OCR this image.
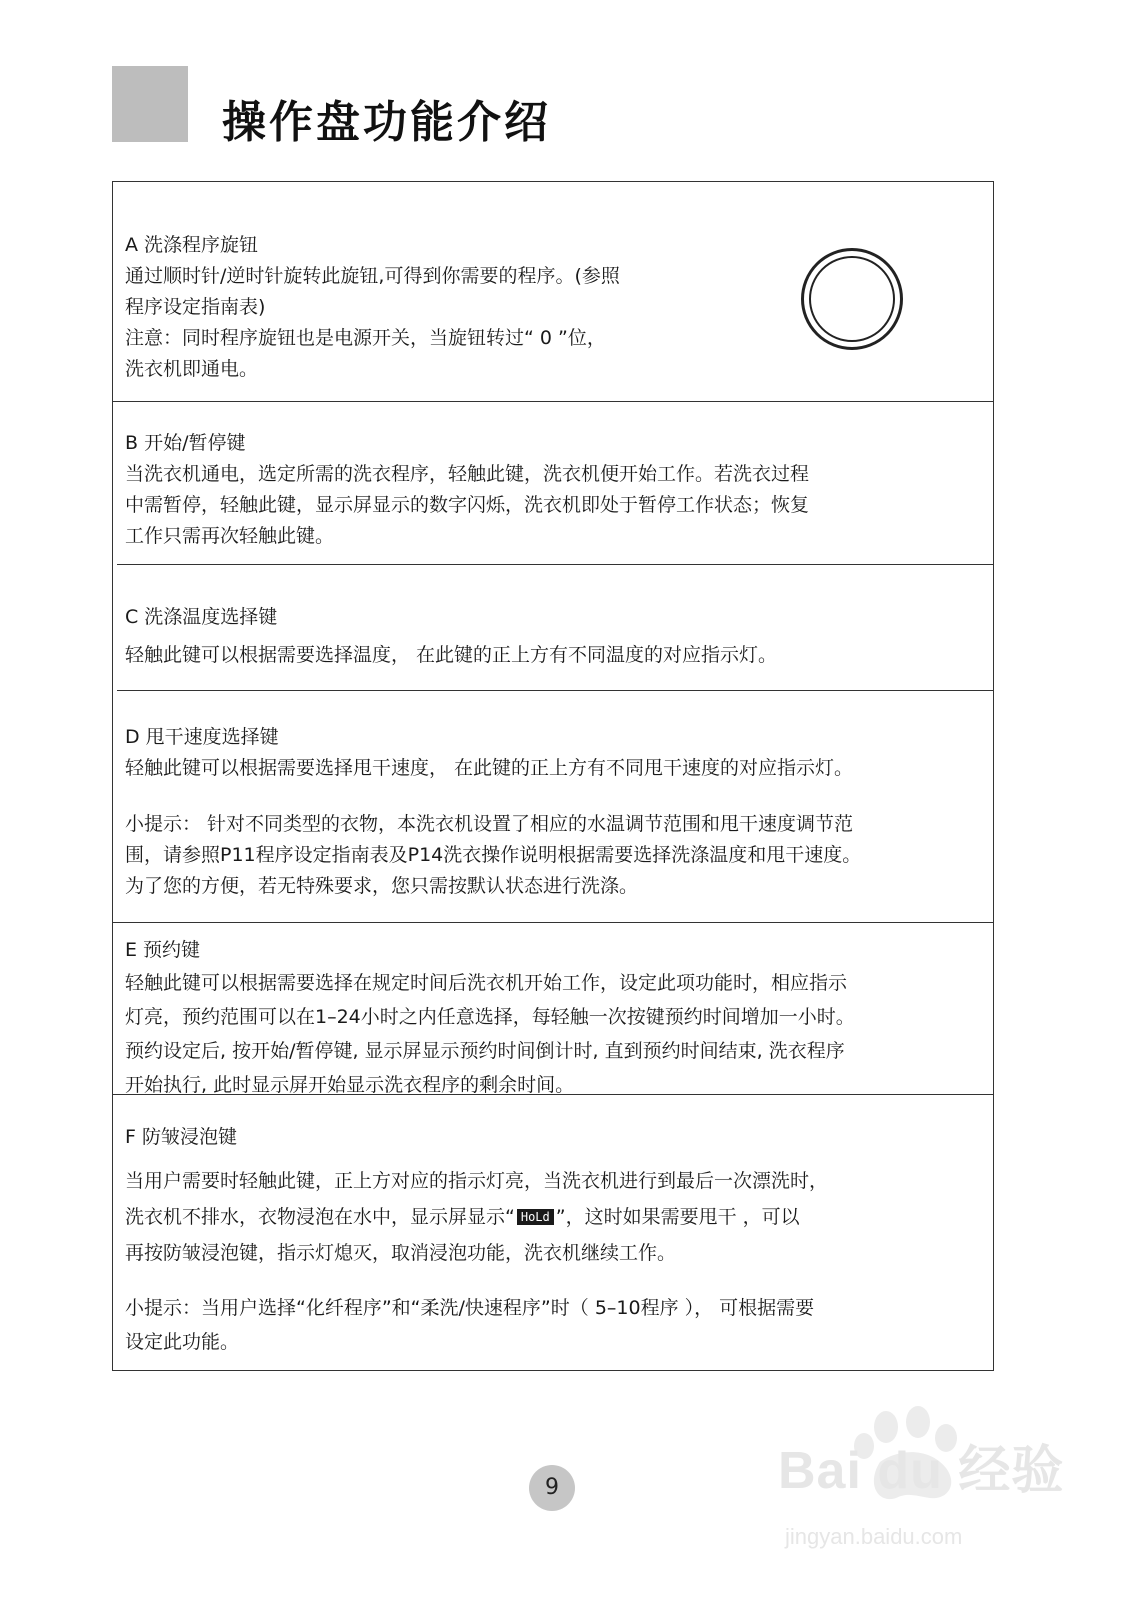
操作盘功能介绍

A 洗涤程序旋钮

通过顺时针/逆时针旋转此旋钮,可得到你需要的程序。(参照

程序设定指南表)

注意：同时程序旋钮也是电源开关，当旋钮转过“ 0 ”位，

洗衣机即通电。

B 开始/暂停键

当洗衣机通电，选定所需的洗衣程序，轻触此键，洗衣机便开始工作。若洗衣过程

中需暂停，轻触此键，显示屏显示的数字闪烁，洗衣机即处于暂停工作状态；恢复

工作只需再次轻触此键。

C 洗涤温度选择键

轻触此键可以根据需要选择温度， 在此键的正上方有不同温度的对应指示灯。

D 甩干速度选择键

轻触此键可以根据需要选择甩干速度， 在此键的正上方有不同甩干速度的对应指示灯。

小提示： 针对不同类型的衣物，本洗衣机设置了相应的水温调节范围和甩干速度调节范

围，请参照P11程序设定指南表及P14洗衣操作说明根据需要选择洗涤温度和甩干速度。

为了您的方便，若无特殊要求，您只需按默认状态进行洗涤。

E 预约键

轻触此键可以根据需要选择在规定时间后洗衣机开始工作，设定此项功能时，相应指示

灯亮，预约范围可以在1–24小时之内任意选择，每轻触一次按键预约时间增加一小时。

预约设定后, 按开始/暂停键, 显示屏显示预约时间倒计时, 直到预约时间结束, 洗衣程序

开始执行, 此时显示屏开始显示洗衣程序的剩余时间。

F 防皱浸泡键

当用户需要时轻触此键，正上方对应的指示灯亮，当洗衣机进行到最后一次漂洗时，

洗衣机不排水，衣物浸泡在水中，显示屏显示“ HoLd ”，这时如果需要甩干 ，可以

再按防皱浸泡键，指示灯熄灭，取消浸泡功能，洗衣机继续工作。

小提示：当用户选择“化纤程序”和“柔洗/快速程序”时（ 5–10程序 ）， 可根据需要

设定此功能。

Bai du 经验
jingyan.baidu.com
9
